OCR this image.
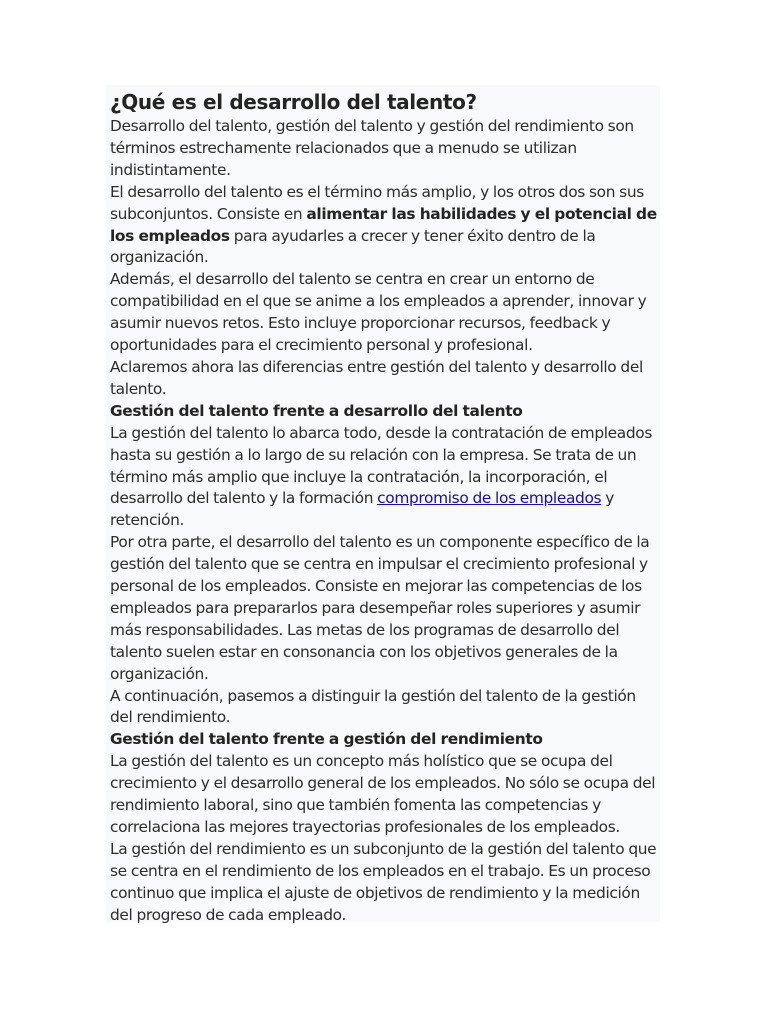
¿Qué es el desarrollo del talento?

Desarrollo del talento, gestión del talento y gestión del rendimiento son términos estrechamente relacionados que a menudo se utilizan indistintamente.

El desarrollo del talento es el término más amplio, y los otros dos son sus subconjuntos. Consiste en alimentar las habilidades y el potencial de los empleados para ayudarles a crecer y tener éxito dentro de la organización.

Además, el desarrollo del talento se centra en crear un entorno de compatibilidad en el que se anime a los empleados a aprender, innovar y asumir nuevos retos. Esto incluye proporcionar recursos, feedback y oportunidades para el crecimiento personal y profesional.

Aclaremos ahora las diferencias entre gestión del talento y desarrollo del talento.

Gestión del talento frente a desarrollo del talento

La gestión del talento lo abarca todo, desde la contratación de empleados hasta su gestión a lo largo de su relación con la empresa. Se trata de un término más amplio que incluye la contratación, la incorporación, el desarrollo del talento y la formación compromiso de los empleados y retención.

Por otra parte, el desarrollo del talento es un componente específico de la gestión del talento que se centra en impulsar el crecimiento profesional y personal de los empleados. Consiste en mejorar las competencias de los empleados para prepararlos para desempeñar roles superiores y asumir más responsabilidades. Las metas de los programas de desarrollo del talento suelen estar en consonancia con los objetivos generales de la organización.

A continuación, pasemos a distinguir la gestión del talento de la gestión del rendimiento.

Gestión del talento frente a gestión del rendimiento

La gestión del talento es un concepto más holístico que se ocupa del crecimiento y el desarrollo general de los empleados. No sólo se ocupa del rendimiento laboral, sino que también fomenta las competencias y correlaciona las mejores trayectorias profesionales de los empleados.

La gestión del rendimiento es un subconjunto de la gestión del talento que se centra en el rendimiento de los empleados en el trabajo. Es un proceso continuo que implica el ajuste de objetivos de rendimiento y la medición del progreso de cada empleado.
